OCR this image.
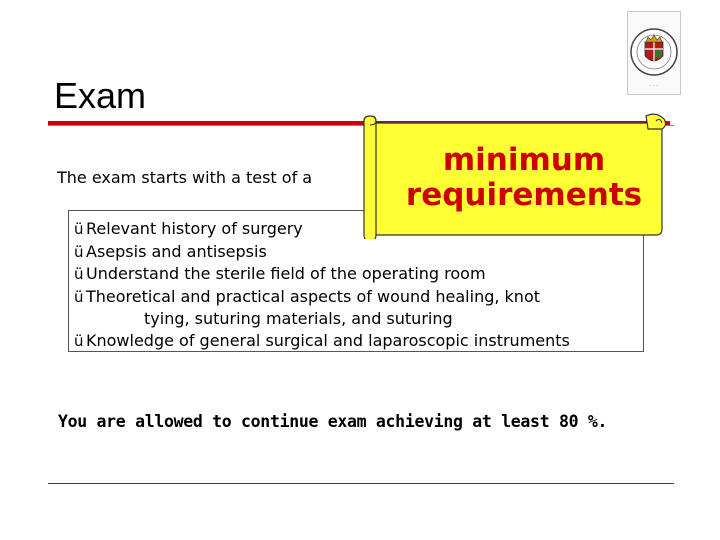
· · ·
Exam
The exam starts with a test of a
ü Relevant history of surgery
ü Asepsis and antisepsis
ü Understand the sterile field of the operating room
ü Theoretical and practical aspects of wound healing, knot
tying, suturing materials, and suturing
ü Knowledge of general surgical and laparoscopic instruments
minimum
requirements
You are allowed to continue exam achieving at least 80 %.
